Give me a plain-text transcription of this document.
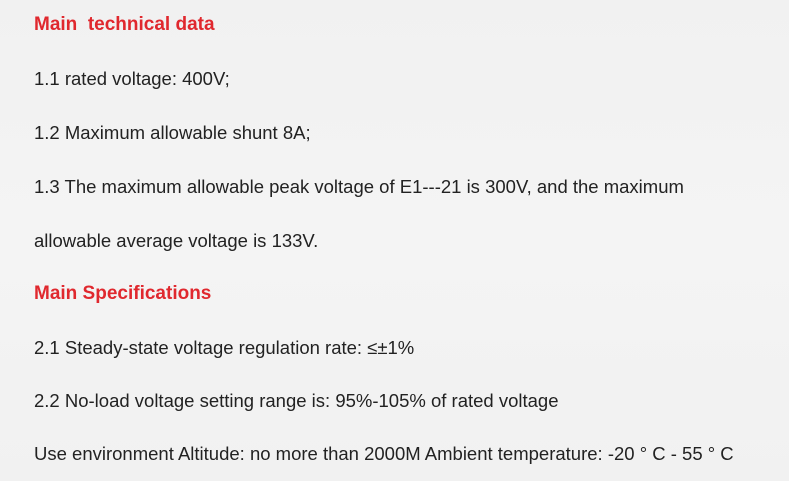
Main  technical data
1.1 rated voltage: 400V;
1.2 Maximum allowable shunt 8A;
1.3 The maximum allowable peak voltage of E1---21 is 300V, and the maximum
allowable average voltage is 133V.
Main Specifications
2.1 Steady-state voltage regulation rate: ≤±1%
2.2 No-load voltage setting range is: 95%-105% of rated voltage
Use environment Altitude: no more than 2000M Ambient temperature: -20 ° C - 55 ° C
